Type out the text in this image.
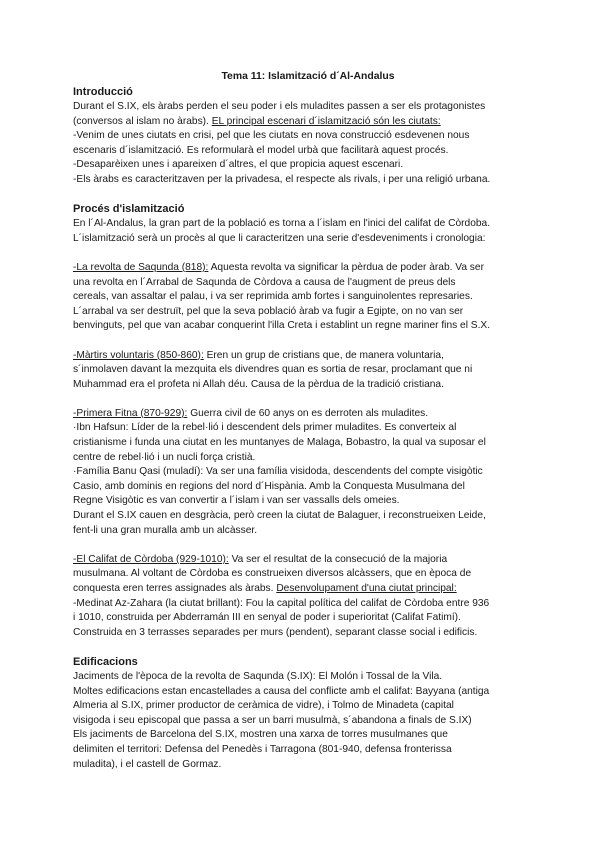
Tema 11: Islamització d´Al-Andalus

Introducció

Durant el S.IX, els àrabs perden el seu poder i els muladites passen a ser els protagonistes

(conversos al islam no àrabs). EL principal escenari d´islamització són les ciutats:

-Venim de unes ciutats en crisi, pel que les ciutats en nova construcció esdevenen nous

escenaris d´islamització. Es reformularà el model urbà que facilitarà aquest procés.

-Desaparèixen unes i apareixen d´altres, el que propicia aquest escenari.

-Els àrabs es caracteritzaven per la privadesa, el respecte als rivals, i per una religió urbana.

Procés d'islamització

En l´Al-Andalus, la gran part de la població es torna a l´islam en l'inici del califat de Còrdoba.

L´islamització serà un procès al que li caracteritzen una serie d'esdeveniments i cronologia:

-La revolta de Saqunda (818): Aquesta revolta va significar la pèrdua de poder àrab. Va ser

una revolta en l´Arrabal de Saqunda de Còrdova a causa de l'augment de preus dels

cereals, van assaltar el palau, i va ser reprimida amb fortes i sanguinolentes represaries.

L´arrabal va ser destruït, pel que la seva població àrab va fugir a Egipte, on no van ser

benvinguts, pel que van acabar conquerint l'illa Creta i establint un regne mariner fins el S.X.

-Màrtirs voluntaris (850-860): Eren un grup de cristians que, de manera voluntaria,

s´inmolaven davant la mezquita els divendres quan es sortia de resar, proclamant que ni

Muhammad era el profeta ni Allah déu. Causa de la pèrdua de la tradició cristiana.

-Primera Fitna (870-929): Guerra civil de 60 anys on es derroten als muladites.

·Ibn Hafsun: Líder de la rebel·lió i descendent dels primer muladites. Es converteix al

cristianisme i funda una ciutat en les muntanyes de Malaga, Bobastro, la qual va suposar el

centre de rebel·lió i un nucli força cristià.

·Família Banu Qasi (muladí): Va ser una família visidoda, descendents del compte visigòtic

Casio, amb dominis en regions del nord d´Hispània. Amb la Conquesta Musulmana del

Regne Visigòtic es van convertir a l´islam i van ser vassalls dels omeies.

Durant el S.IX cauen en desgràcia, però creen la ciutat de Balaguer, i reconstrueixen Leide,

fent-li una gran muralla amb un alcàsser.

-El Califat de Còrdoba (929-1010): Va ser el resultat de la consecució de la majoria

musulmana. Al voltant de Còrdoba es construeixen diversos alcàssers, que en època de

conquesta eren terres assignades als àrabs. Desenvolupament d'una ciutat principal:

-Medinat Az-Zahara (la ciutat brillant): Fou la capital política del califat de Còrdoba entre 936

i 1010, construida per Abderramán III en senyal de poder i superioritat (Califat Fatimí).

Construida en 3 terrasses separades per murs (pendent), separant classe social i edificis.

Edificacions

Jaciments de l'època de la revolta de Saqunda (S.IX): El Molón i Tossal de la Vila.

Moltes edificacions estan encastellades a causa del conflicte amb el califat: Bayyana (antiga

Almeria al S.IX, primer productor de ceràmica de vidre), i Tolmo de Minadeta (capital

visigoda i seu episcopal que passa a ser un barri musulmà, s´abandona a finals de S.IX)

Els jaciments de Barcelona del S.IX, mostren una xarxa de torres musulmanes que

delimiten el territori: Defensa del Penedès i Tarragona (801-940, defensa fronterissa

muladita), i el castell de Gormaz.
